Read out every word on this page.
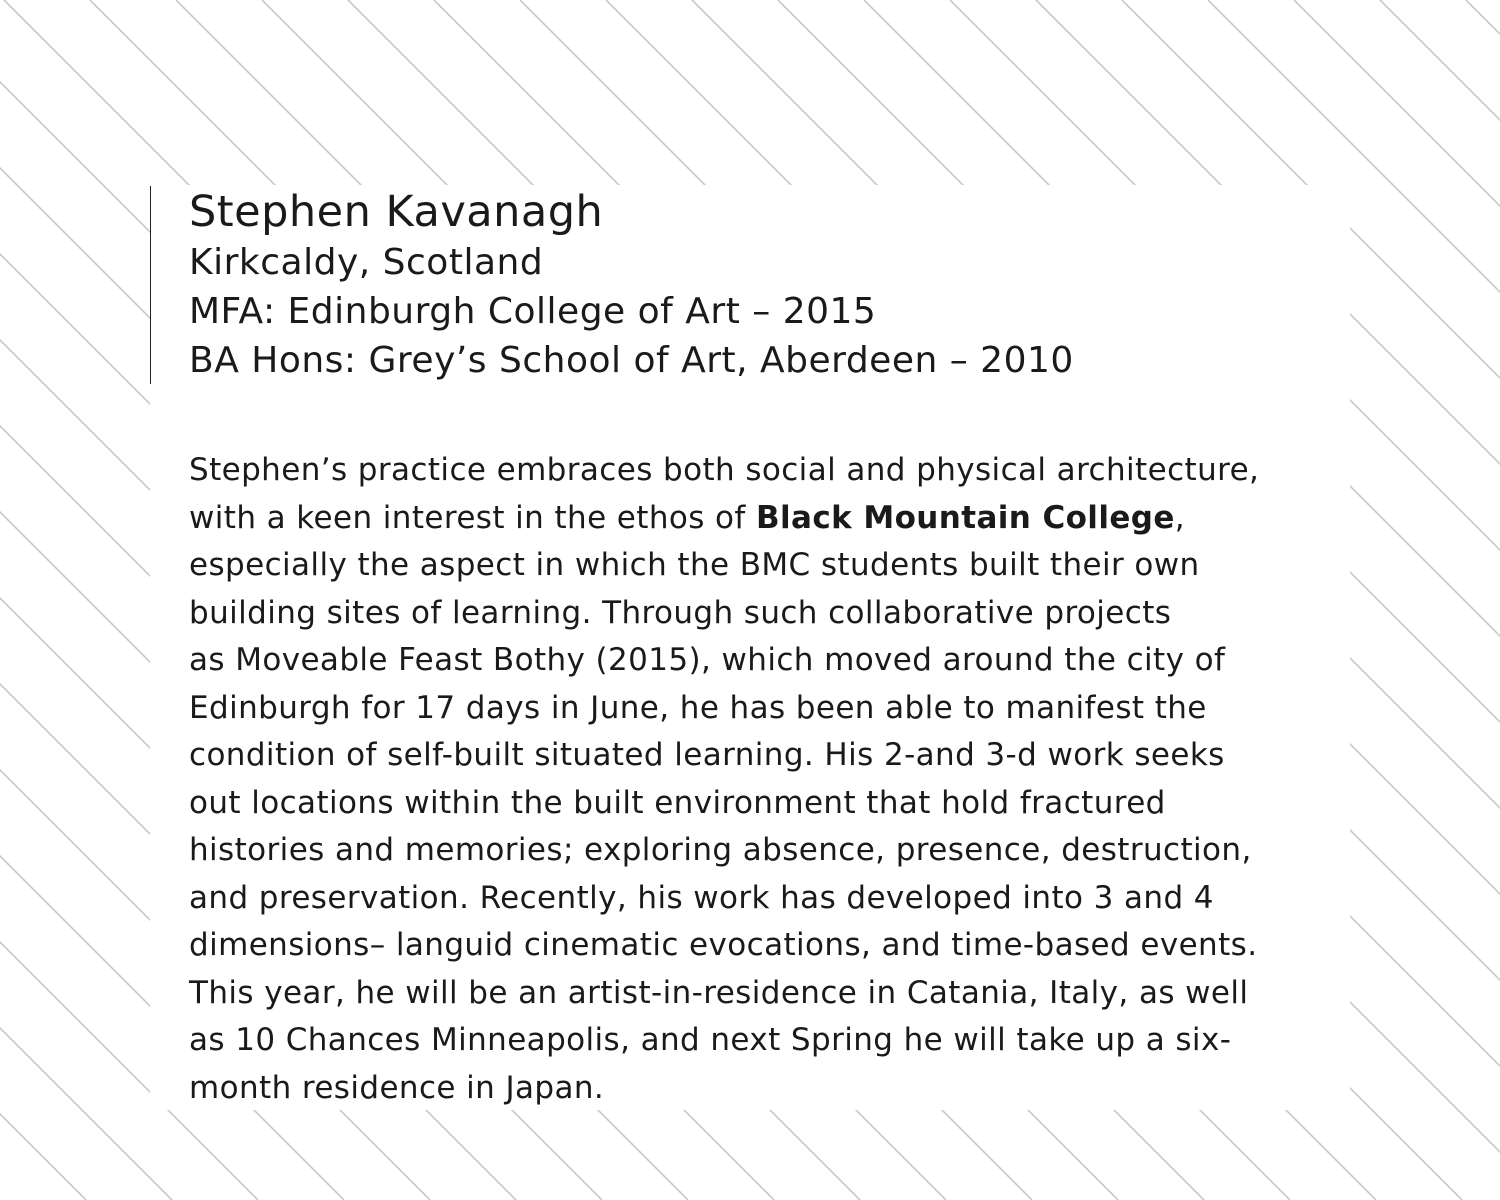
Stephen Kavanagh

Kirkcaldy, Scotland

MFA: Edinburgh College of Art – 2015

BA Hons: Grey’s School of Art, Aberdeen – 2010

Stephen’s practice embraces both social and physical architecture,
with a keen interest in the ethos of Black Mountain College,
especially the aspect in which the BMC students built their own
building sites of learning. Through such collaborative projects
as Moveable Feast Bothy (2015), which moved around the city of
Edinburgh for 17 days in June, he has been able to manifest the
condition of self-built situated learning. His 2-and 3-d work seeks
out locations within the built environment that hold fractured
histories and memories; exploring absence, presence, destruction,
and preservation. Recently, his work has developed into 3 and 4
dimensions– languid cinematic evocations, and time-based events.
This year, he will be an artist-in-residence in Catania, Italy, as well
as 10 Chances Minneapolis, and next Spring he will take up a six-
month residence in Japan.
